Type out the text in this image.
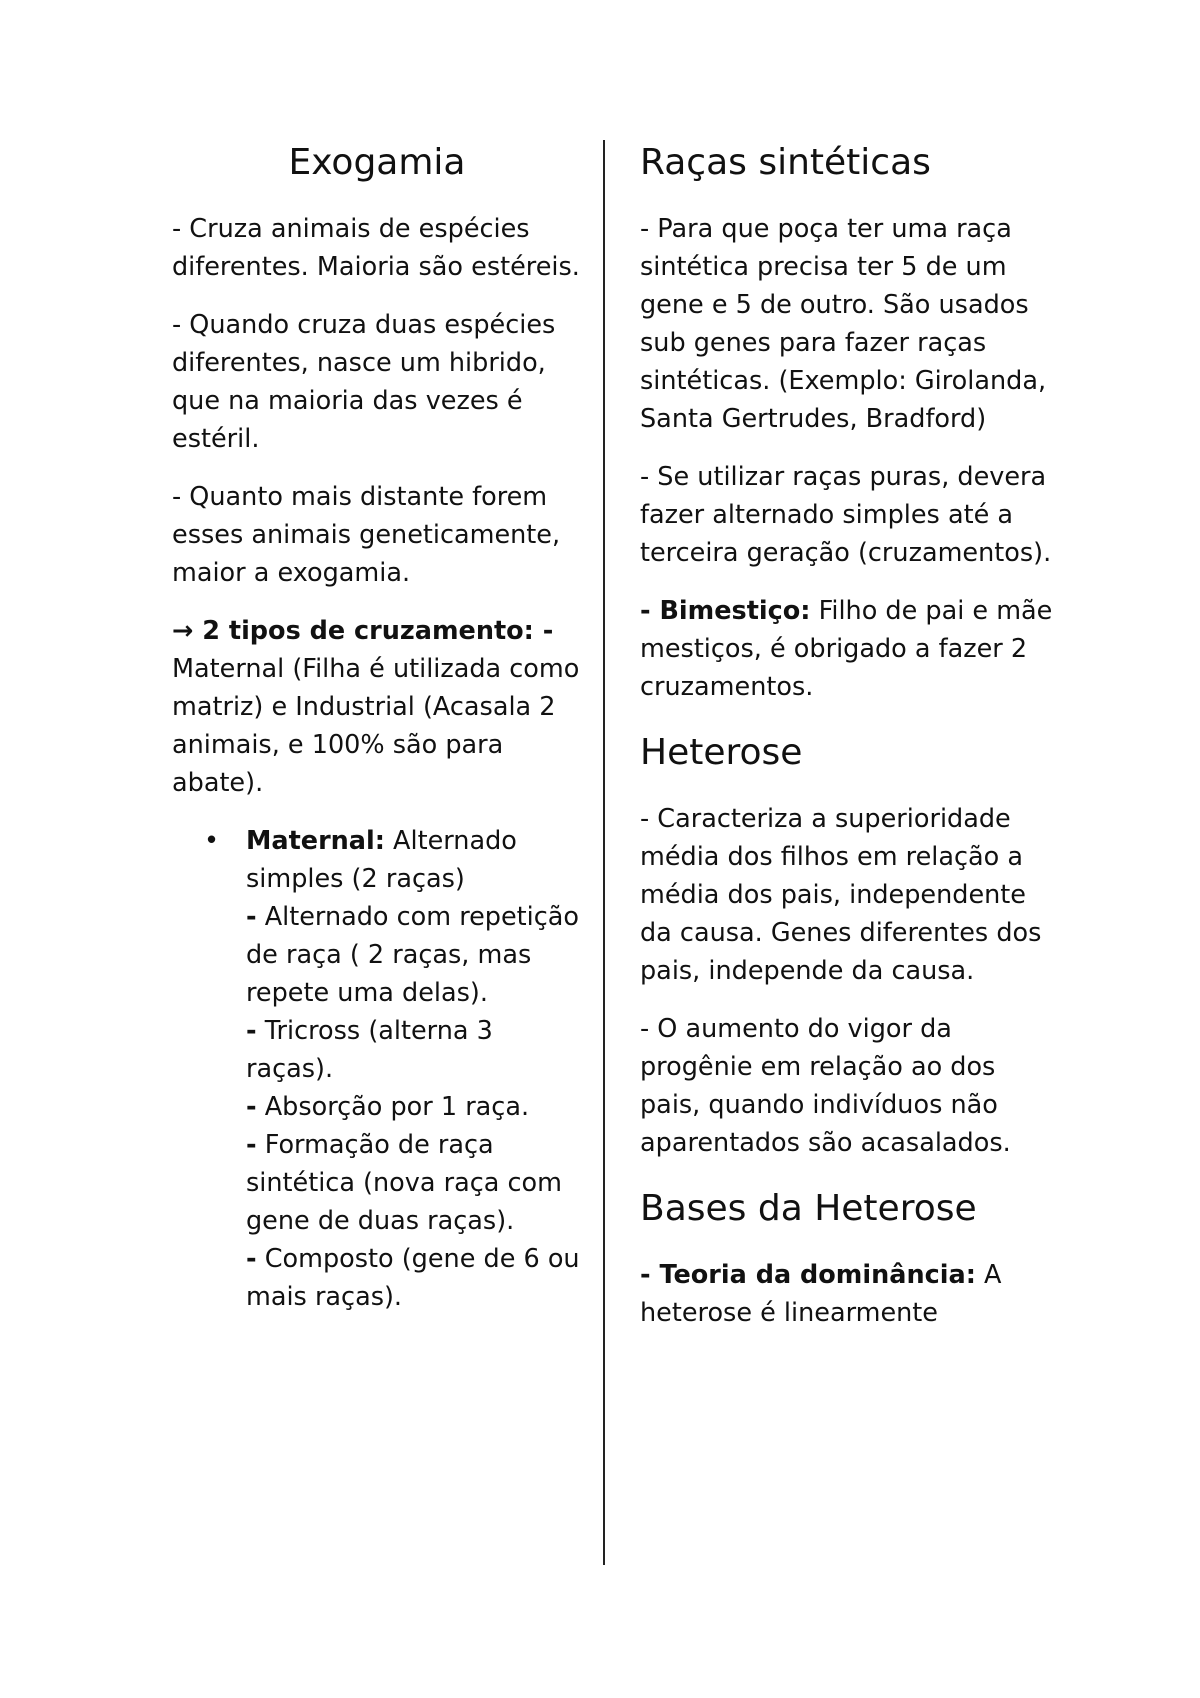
Exogamia

- Cruza animais de espécies diferentes. Maioria são estéreis.

- Quando cruza duas espécies diferentes, nasce um hibrido, que na maioria das vezes é estéril.

- Quanto mais distante forem esses animais geneticamente, maior a exogamia.

→ 2 tipos de cruzamento: - Maternal (Filha é utilizada como matriz) e Industrial (Acasala 2 animais, e 100% são para abate).

• Maternal: Alternado simples (2 raças)
- Alternado com repetição de raça ( 2 raças, mas repete uma delas).
- Tricross (alterna 3 raças).
- Absorção por 1 raça.
- Formação de raça sintética (nova raça com gene de duas raças).
- Composto (gene de 6 ou mais raças).
Raças sintéticas

- Para que poça ter uma raça sintética precisa ter 5 de um gene e 5 de outro. São usados sub genes para fazer raças sintéticas. (Exemplo: Girolanda, Santa Gertrudes, Bradford)

- Se utilizar raças puras, devera fazer alternado simples até a terceira geração (cruzamentos).

- Bimestiço: Filho de pai e mãe mestiços, é obrigado a fazer 2 cruzamentos.

Heterose

- Caracteriza a superioridade média dos filhos em relação a média dos pais, independente da causa. Genes diferentes dos pais, independe da causa.

- O aumento do vigor da progênie em relação ao dos pais, quando indivíduos não aparentados são acasalados.

Bases da Heterose

- Teoria da dominância: A heterose é linearmente
